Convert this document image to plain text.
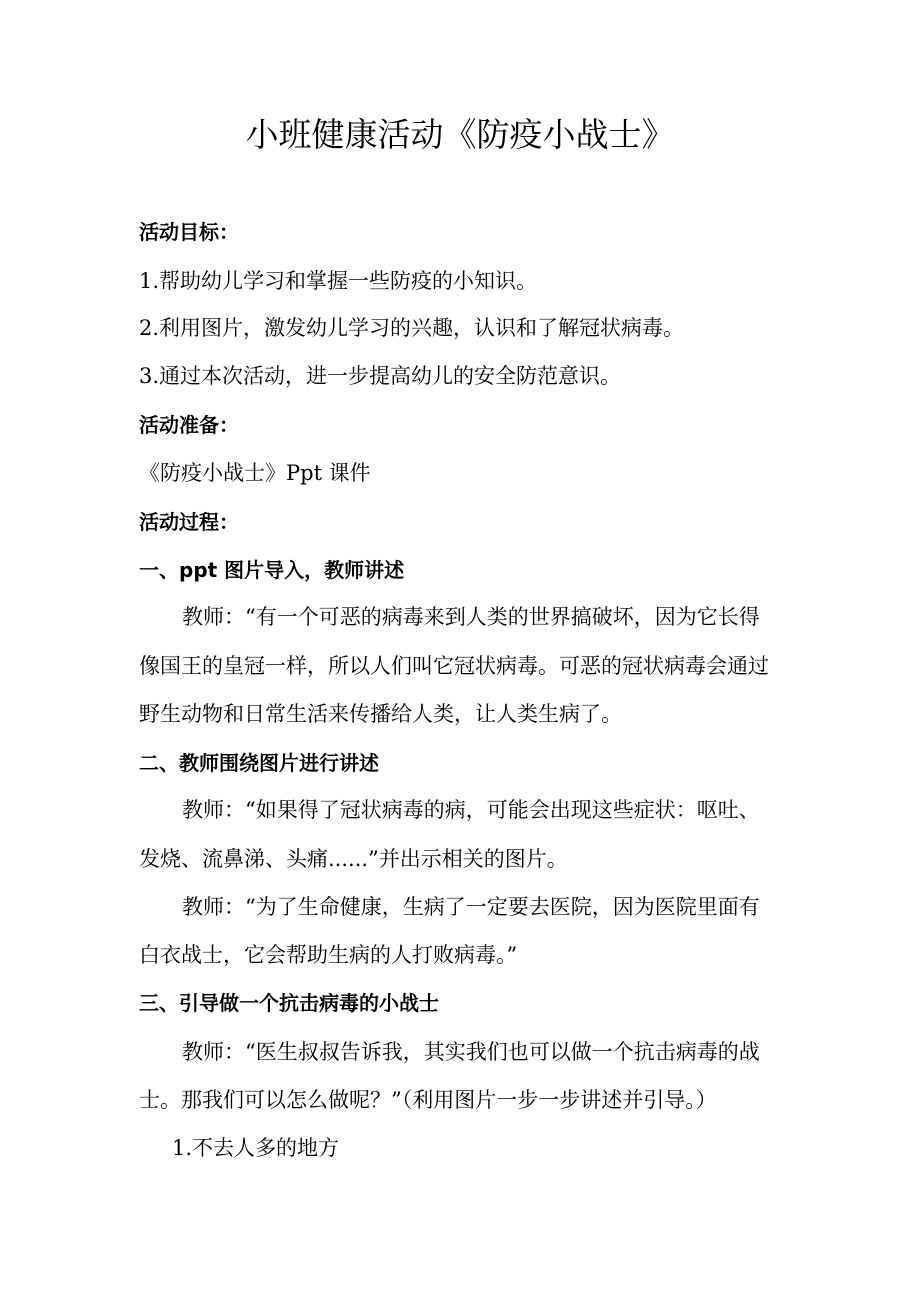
小班健康活动《防疫小战士》

活动目标：

1.帮助幼儿学习和掌握一些防疫的小知识。

2.利用图片，激发幼儿学习的兴趣，认识和了解冠状病毒。

3.通过本次活动，进一步提高幼儿的安全防范意识。

活动准备：

《防疫小战士》Ppt 课件

活动过程：

一、ppt 图片导入，教师讲述

教师：“有一个可恶的病毒来到人类的世界搞破坏，因为它长得

像国王的皇冠一样，所以人们叫它冠状病毒。可恶的冠状病毒会通过

野生动物和日常生活来传播给人类，让人类生病了。

二、教师围绕图片进行讲述

教师：“如果得了冠状病毒的病，可能会出现这些症状：呕吐、

发烧、流鼻涕、头痛......”并出示相关的图片。

教师：“为了生命健康，生病了一定要去医院，因为医院里面有

白衣战士，它会帮助生病的人打败病毒。”

三、引导做一个抗击病毒的小战士

教师：“医生叔叔告诉我，其实我们也可以做一个抗击病毒的战

士。那我们可以怎么做呢？”（利用图片一步一步讲述并引导。）

1.不去人多的地方
